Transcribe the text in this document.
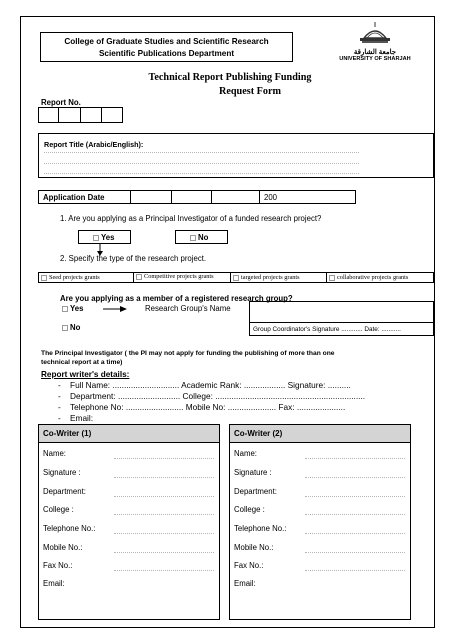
College of Graduate Studies and Scientific Research
Scientific Publications Department	جامعة الشارقة
UNIVERSITY OF SHARJAH
Technical Report Publishing Funding
Request Form
Report No.
Report Title (Arabic/English):
Application Date	200
1. Are you applying as a Principal Investigator of a funded research project?
Yes	No
2. Specify the type of the research project.
Seed projects grants	Competitive projects grants	targeted projects grants	collaborative projects grants
Are you applying as a member of a registered research group?
Yes	Research Group's Name
Group Coordinator's Signature ............ Date: ...........
No
The Principal Investigator ( the PI may not apply for funding the publishing of more than one
technical report at a time)
Report writer's details:
- Full Name: ............................. Academic Rank: .................. Signature: ..........
- Department: ........................... College: .................................................................
- Telephone No: ......................... Mobile No: ..................... Fax: .....................
- Email:
Co-Writer (1)
Name:
Signature :
Department:
College :
Telephone No.:
Mobile No.:
Fax No.:
Email:
Co-Writer (2)
Name:
Signature :
Department:
College :
Telephone No.:
Mobile No.:
Fax No.:
Email:
